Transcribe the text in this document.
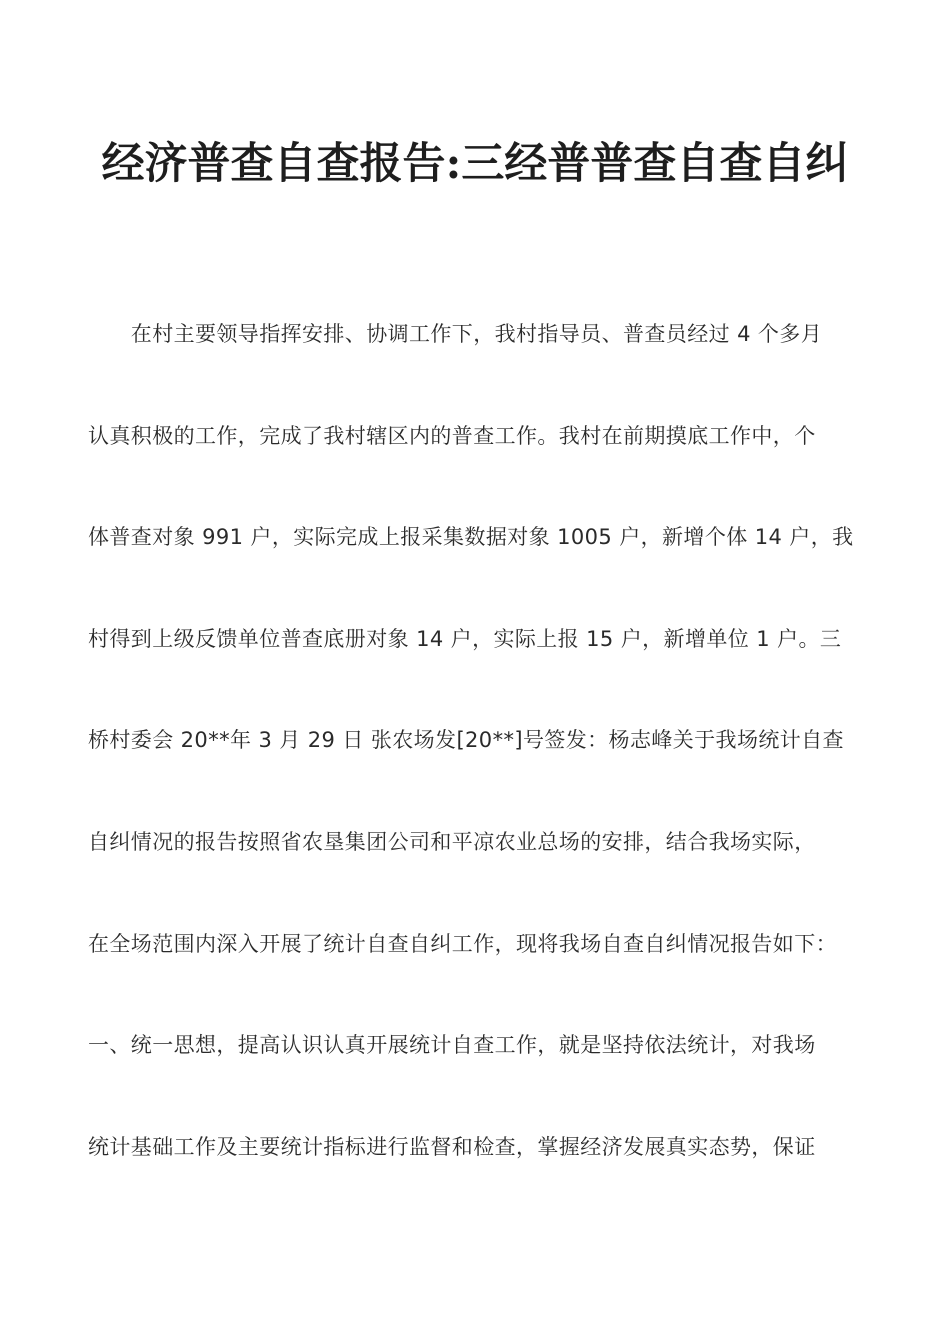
经济普查自查报告:三经普普查自查自纠
　　在村主要领导指挥安排、协调工作下，我村指导员、普查员经过 4 个多月
认真积极的工作，完成了我村辖区内的普查工作。我村在前期摸底工作中，个
体普查对象 991 户，实际完成上报采集数据对象 1005 户，新增个体 14 户，我
村得到上级反馈单位普查底册对象 14 户，实际上报 15 户，新增单位 1 户。三
桥村委会 20**年 3 月 29 日 张农场发[20**]号签发：杨志峰关于我场统计自查
自纠情况的报告按照省农垦集团公司和平凉农业总场的安排，结合我场实际，
在全场范围内深入开展了统计自查自纠工作，现将我场自查自纠情况报告如下：
一、统一思想，提高认识认真开展统计自查工作，就是坚持依法统计，对我场
统计基础工作及主要统计指标进行监督和检查，掌握经济发展真实态势，保证
